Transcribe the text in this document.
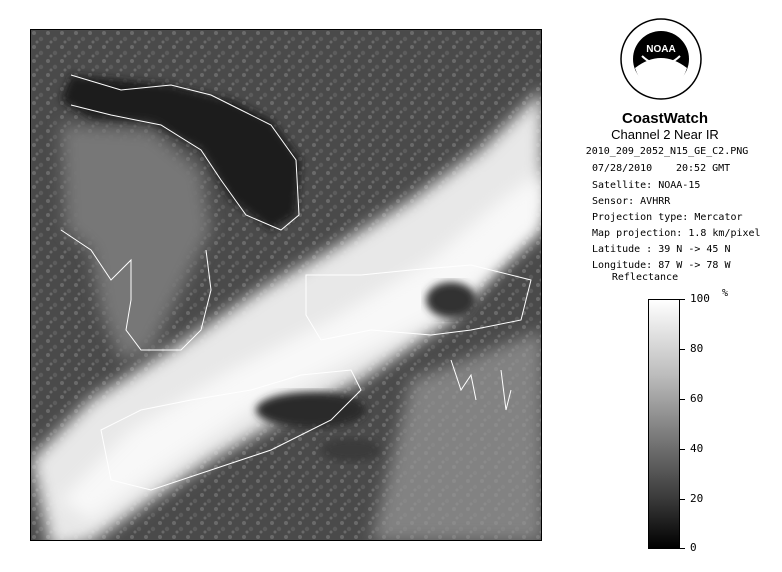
NOAA
CoastWatch
Channel 2 Near IR
2010_209_2052_N15_GE_C2.PNG
07/28/2010 20:52 GMT
Satellite: NOAA-15
Sensor: AVHRR
Projection type: Mercator
Map projection: 1.8 km/pixel
Latitude : 39 N -> 45 N
Longitude: 87 W -> 78 W
Reflectance
%
100
80
60
40
20
0
